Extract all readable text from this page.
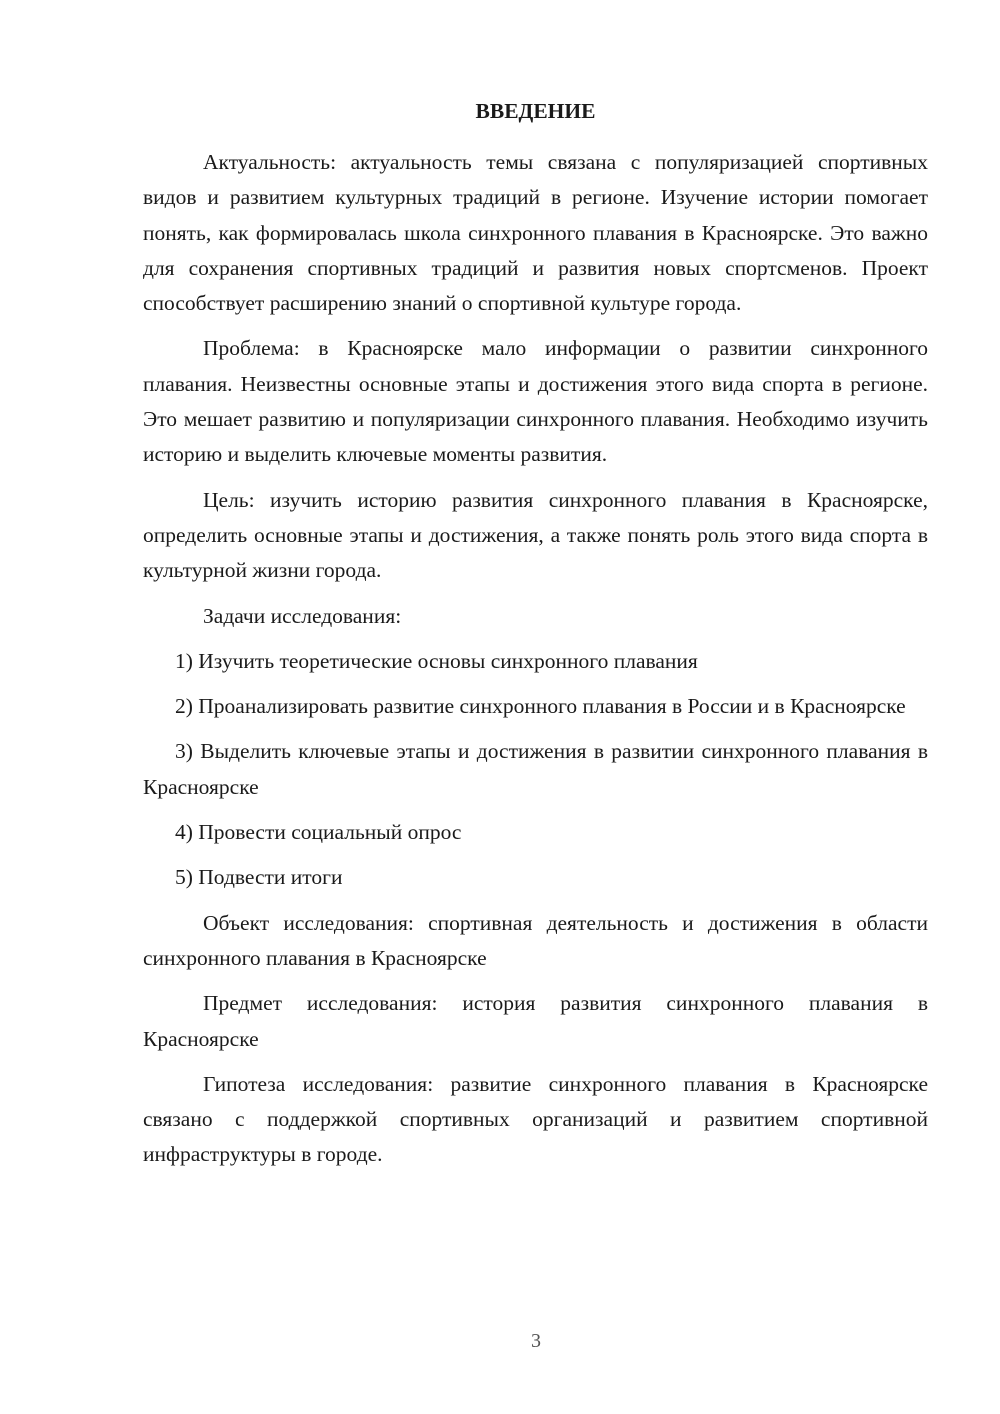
ВВЕДЕНИЕ

Актуальность: актуальность темы связана с популяризацией спортивных видов и развитием культурных традиций в регионе. Изучение истории помогает понять, как формировалась школа синхронного плавания в Красноярске. Это важно для сохранения спортивных традиций и развития новых спортсменов. Проект способствует расширению знаний о спортивной культуре города.

Проблема: в Красноярске мало информации о развитии синхронного плавания. Неизвестны основные этапы и достижения этого вида спорта в регионе. Это мешает развитию и популяризации синхронного плавания. Необходимо изучить историю и выделить ключевые моменты развития.

Цель: изучить историю развития синхронного плавания в Красноярске, определить основные этапы и достижения, а также понять роль этого вида спорта в культурной жизни города.

Задачи исследования:

1) Изучить теоретические основы синхронного плавания

2) Проанализировать развитие синхронного плавания в России и в Красноярске

3) Выделить ключевые этапы и достижения в развитии синхронного плавания в Красноярске

4) Провести социальный опрос

5) Подвести итоги

Объект исследования: спортивная деятельность и достижения в области синхронного плавания в Красноярске

Предмет исследования: история развития синхронного плавания в Красноярске

Гипотеза исследования: развитие синхронного плавания в Красноярске связано с поддержкой спортивных организаций и развитием спортивной инфраструктуры в городе.

3
